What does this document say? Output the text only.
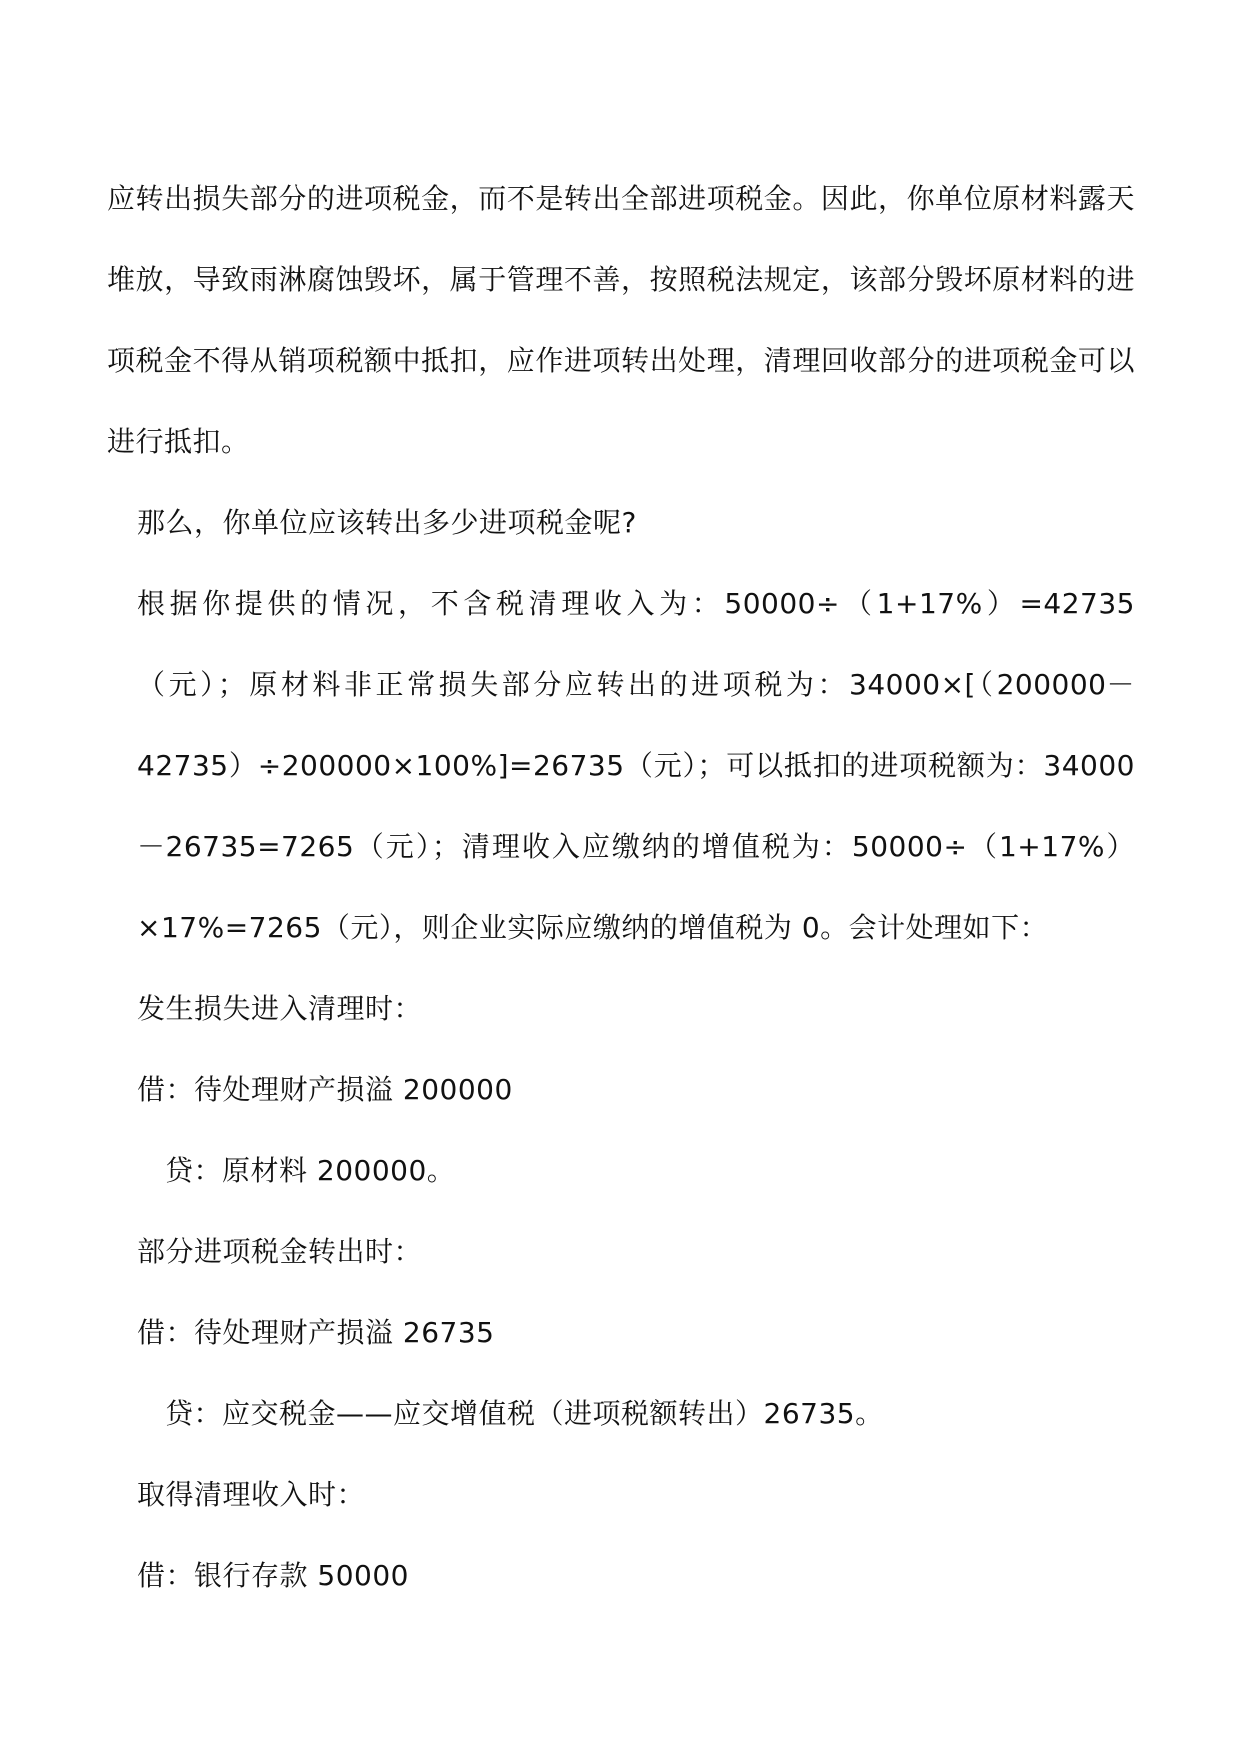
应转出损失部分的进项税金，而不是转出全部进项税金。因此，你单位原材料露天堆放，导致雨淋腐蚀毁坏，属于管理不善，按照税法规定，该部分毁坏原材料的进项税金不得从销项税额中抵扣，应作进项转出处理，清理回收部分的进项税金可以进行抵扣。

那么，你单位应该转出多少进项税金呢?

根据你提供的情况，不含税清理收入为：50000÷（1+17%）=42735（元）；原材料非正常损失部分应转出的进项税为：34000×[（200000－42735）÷200000×100%]=26735（元）；可以抵扣的进项税额为：34000－26735=7265（元）；清理收入应缴纳的增值税为：50000÷（1+17%）×17%=7265（元），则企业实际应缴纳的增值税为 0。会计处理如下：

发生损失进入清理时：

借：待处理财产损溢 200000

贷：原材料 200000。

部分进项税金转出时：

借：待处理财产损溢 26735

贷：应交税金——应交增值税（进项税额转出）26735。

取得清理收入时：

借：银行存款 50000
